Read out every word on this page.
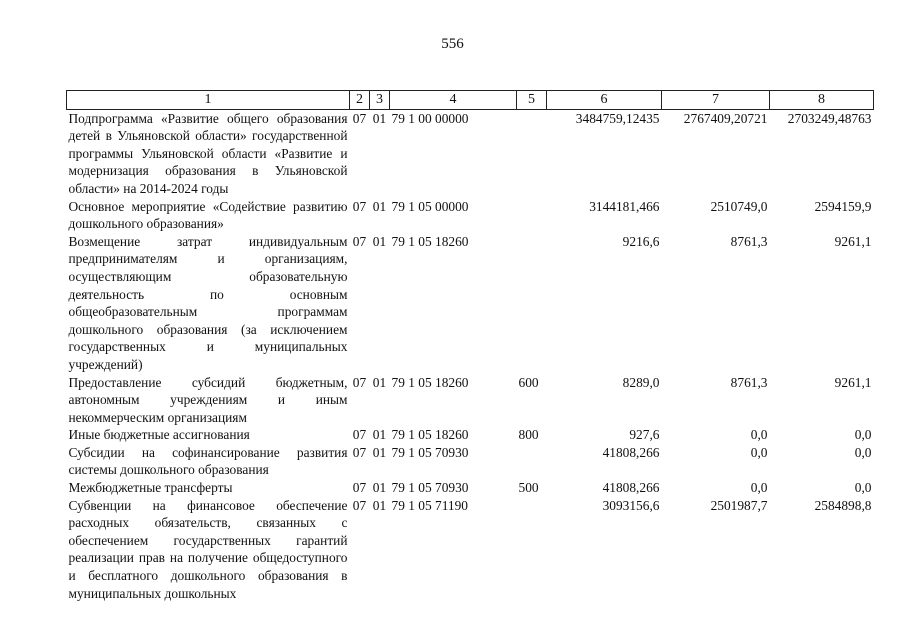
556
1	2	3	4	5	6	7	8
Подпрограмма «Развитие общего образования детей в Ульяновской области» государственной программы Ульяновской области «Развитие и модернизация образования в Ульяновской области» на 2014-2024 годы	07	01	79 1 00 00000		3484759,12435	2767409,20721	2703249,48763
Основное мероприятие «Содействие развитию дошкольного образования»	07	01	79 1 05 00000		3144181,466	2510749,0	2594159,9
Возмещение затрат индивидуальным предпринимателям и организациям, осуществляющим образовательную деятельность по основным общеобразовательным программам дошкольного образования (за исключением государственных и муниципальных учреждений)	07	01	79 1 05 18260		9216,6	8761,3	9261,1
Предоставление субсидий бюджетным, автономным учреждениям и иным некоммерческим организациям	07	01	79 1 05 18260	600	8289,0	8761,3	9261,1
Иные бюджетные ассигнования	07	01	79 1 05 18260	800	927,6	0,0	0,0
Субсидии на софинансирование развития системы дошкольного образования	07	01	79 1 05 70930		41808,266	0,0	0,0
Межбюджетные трансферты	07	01	79 1 05 70930	500	41808,266	0,0	0,0
Субвенции на финансовое обеспечение расходных обязательств, связанных с обеспечением государственных гарантий реализации прав на получение общедоступного и бесплатного дошкольного образования в муниципальных дошкольных	07	01	79 1 05 71190		3093156,6	2501987,7	2584898,8
